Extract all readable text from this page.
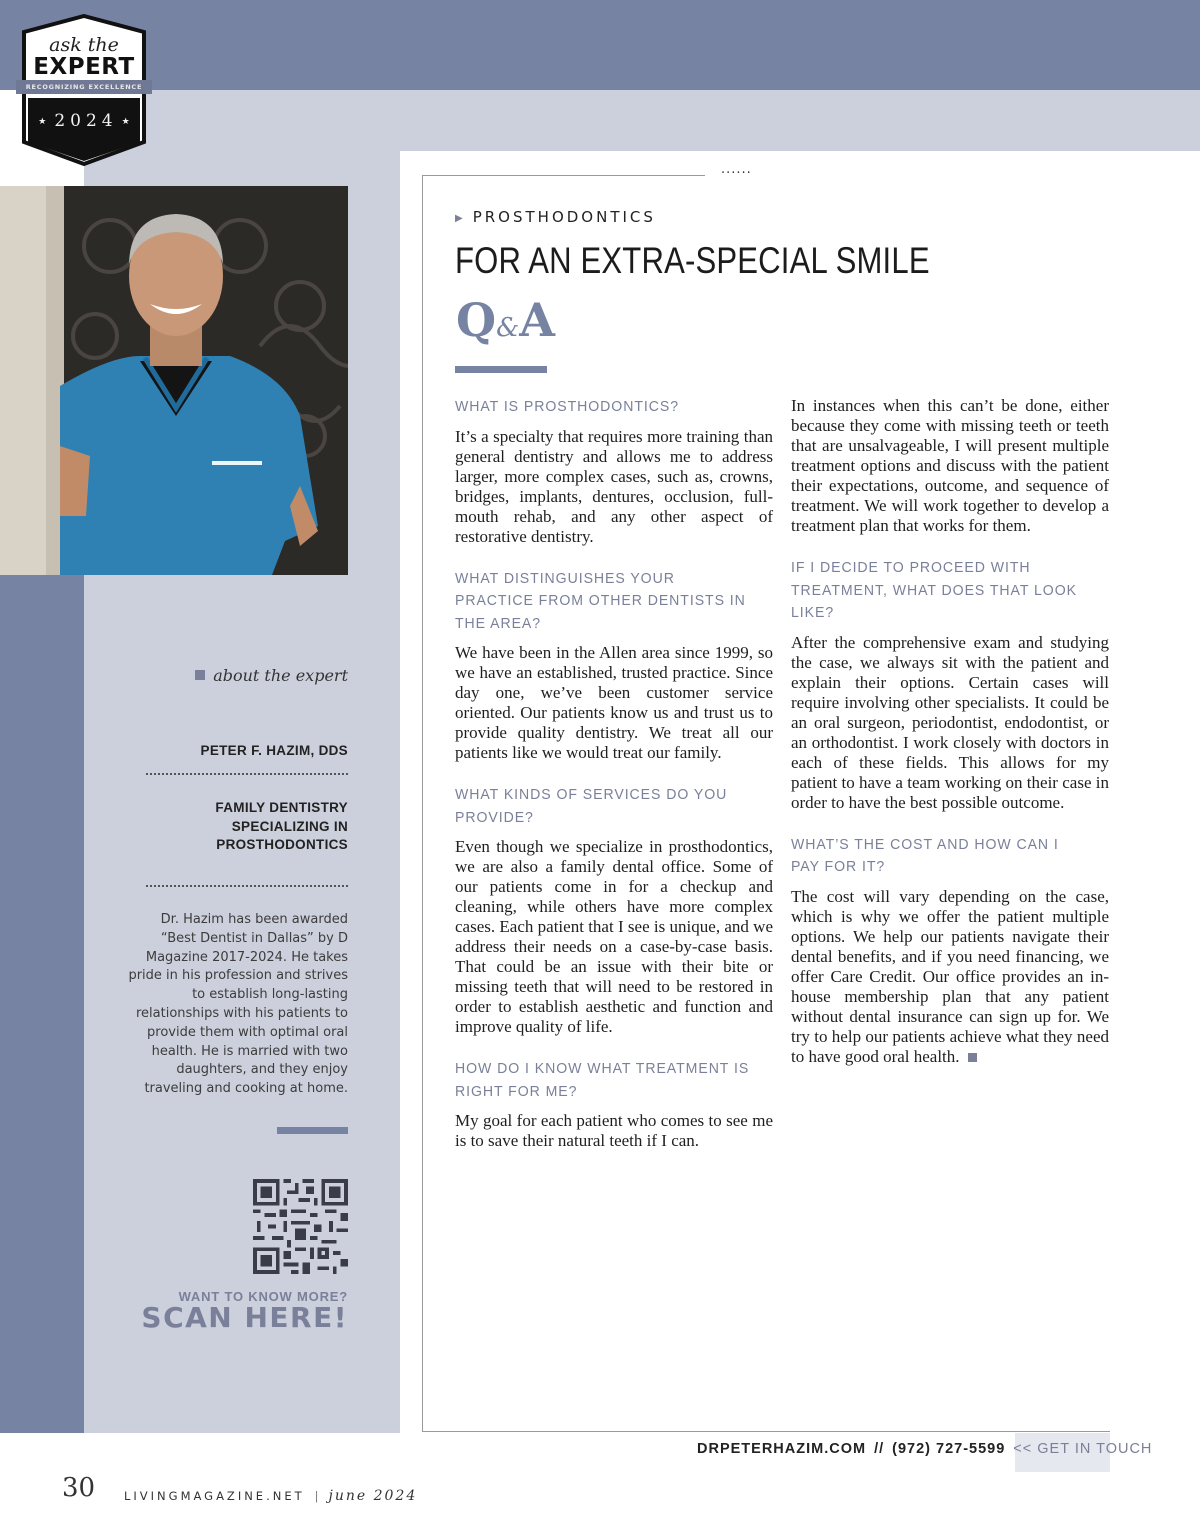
ask the
EXPERT
RECOGNIZING EXCELLENCE
★ 2024 ★
about the expert
PETER F. HAZIM, DDS
FAMILY DENTISTRY
SPECIALIZING IN
PROSTHODONTICS
Dr. Hazim has been awarded “Best Dentist in Dallas” by D Magazine 2017-2024. He takes pride in his profession and strives to establish long-lasting relationships with his patients to provide them with optimal oral health. He is married with two daughters, and they enjoy traveling and cooking at home.
WANT TO KNOW MORE?
SCAN HERE!
......
▶ PROSTHODONTICS
FOR AN EXTRA-SPECIAL SMILE
Q&A
WHAT IS PROSTHODONTICS?
It’s a specialty that requires more training than general dentistry and allows me to address larger, more complex cases, such as, crowns, bridges, implants, dentures, occlusion, full-mouth rehab, and any other aspect of restorative dentistry.
WHAT DISTINGUISHES YOUR PRACTICE FROM OTHER DENTISTS IN THE AREA?
We have been in the Allen area since 1999, so we have an established, trusted practice. Since day one, we’ve been customer service oriented. Our patients know us and trust us to provide quality dentistry. We treat all our patients like we would treat our family.
WHAT KINDS OF SERVICES DO YOU PROVIDE?
Even though we specialize in prosthodontics, we are also a family dental office. Some of our patients come in for a checkup and cleaning, while others have more complex cases. Each patient that I see is unique, and we address their needs on a case-by-case basis. That could be an issue with their bite or missing teeth that will need to be restored in order to establish aesthetic and function and improve quality of life.
HOW DO I KNOW WHAT TREATMENT IS RIGHT FOR ME?
My goal for each patient who comes to see me is to save their natural teeth if I can.
In instances when this can’t be done, either because they come with missing teeth or teeth that are unsalvageable, I will present multiple treatment options and discuss with the patient their expectations, outcome, and sequence of treatment. We will work together to develop a treatment plan that works for them.
IF I DECIDE TO PROCEED WITH TREATMENT, WHAT DOES THAT LOOK LIKE?
After the comprehensive exam and studying the case, we always sit with the patient and explain their options. Certain cases will require involving other specialists. It could be an oral surgeon, periodontist, endodontist, or an orthodontist. I work closely with doctors in each of these fields. This allows for my patient to have a team working on their case in order to have the best possible outcome.
WHAT’S THE COST AND HOW CAN I PAY FOR IT?
The cost will vary depending on the case, which is why we offer the patient multiple options. We help our patients navigate their dental benefits, and if you need financing, we offer Care Credit. Our office provides an in-house membership plan that any patient without dental insurance can sign up for. We try to help our patients achieve what they need to have good oral health.
DRPETERHAZIM.COM // (972) 727-5599 << GET IN TOUCH
30	LIVINGMAGAZINE.NET | june 2024
